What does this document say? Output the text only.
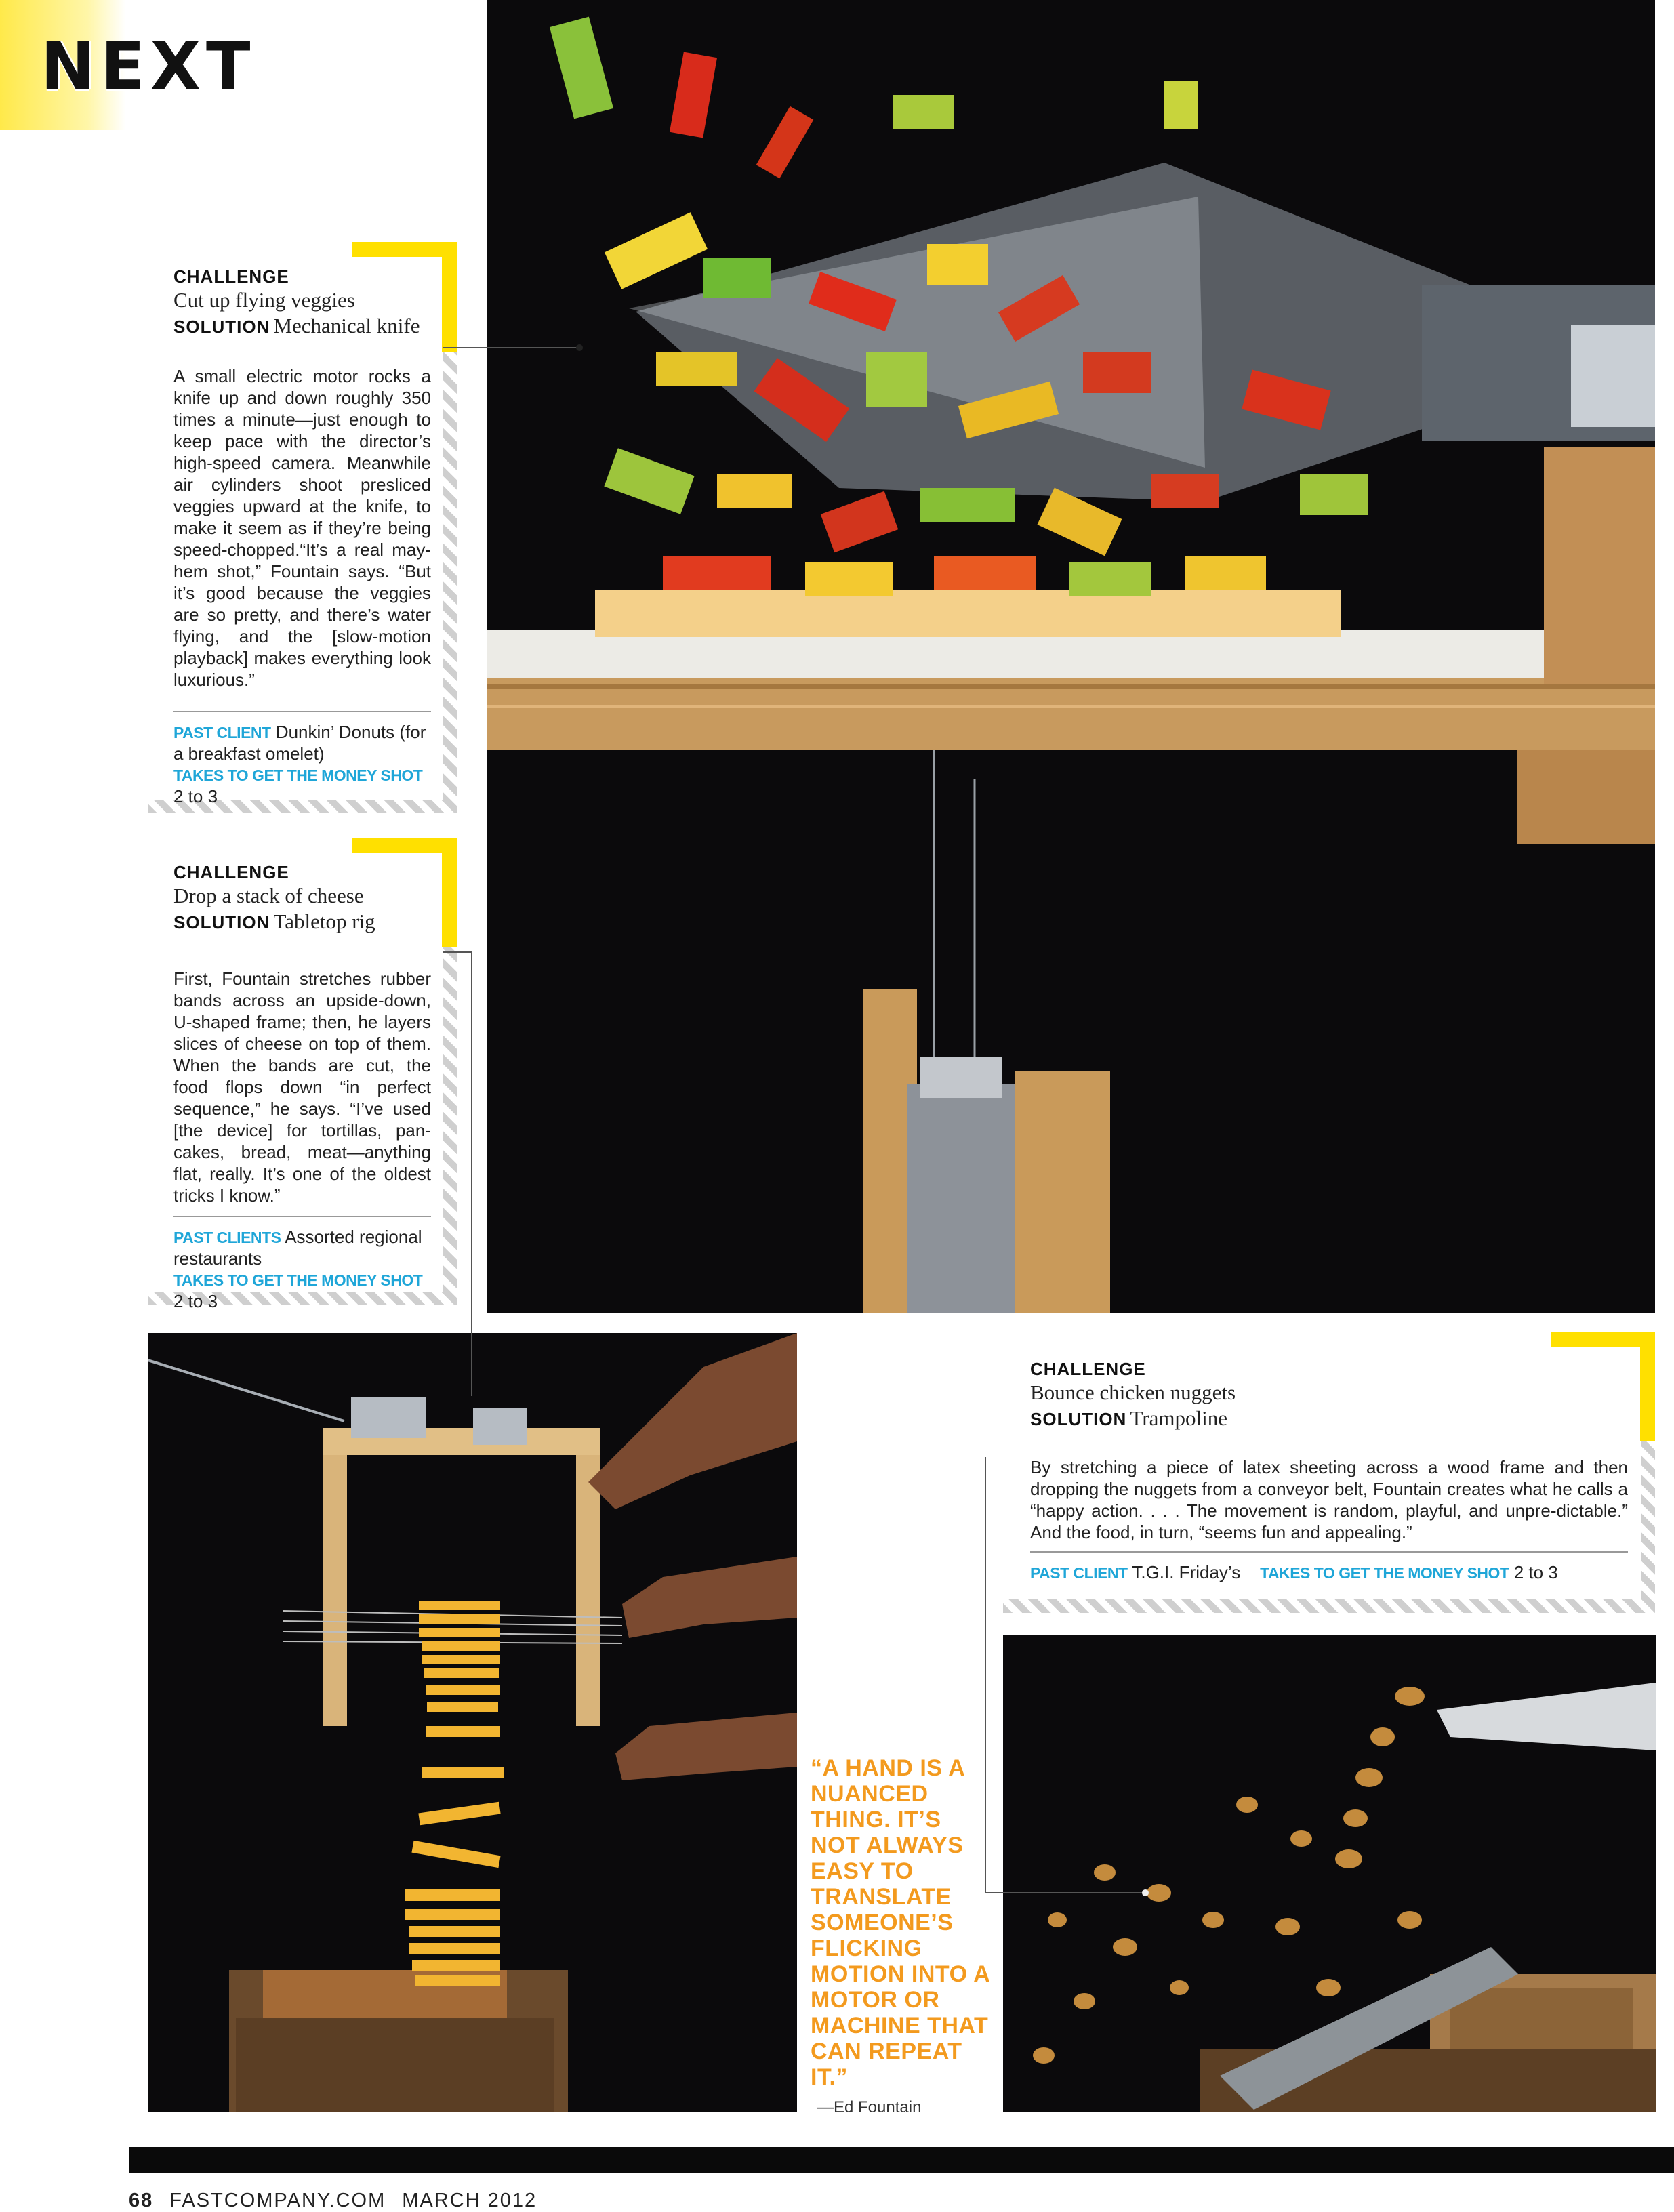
NEXT
CHALLENGE
Cut up flying veggies
SOLUTION Mechanical knife
A small electric motor rocks a knife up and down roughly 350 times a minute—just enough to keep pace with the director’s high-speed camera. Meanwhile air cylinders shoot presliced veggies upward at the knife, to make it seem as if they’re being speed-chopped.“It’s a real may-hem shot,” Fountain says. “But it’s good because the veggies are so pretty, and there’s water flying, and the [slow-motion playback] makes everything look luxurious.”
PAST CLIENT Dunkin’ Donuts (for a breakfast omelet)
TAKES TO GET THE MONEY SHOT 2 to 3
CHALLENGE
Drop a stack of cheese
SOLUTION Tabletop rig
First, Fountain stretches rubber bands across an upside-down, U-shaped frame; then, he layers slices of cheese on top of them. When the bands are cut, the food flops down “in perfect sequence,” he says. “I’ve used [the device] for tortillas, pan-cakes, bread, meat—anything flat, really. It’s one of the oldest tricks I know.”
PAST CLIENTS Assorted regional restaurants
TAKES TO GET THE MONEY SHOT 2 to 3
CHALLENGE
Bounce chicken nuggets
SOLUTION Trampoline
By stretching a piece of latex sheeting across a wood frame and then dropping the nuggets from a conveyor belt, Fountain creates what he calls a “happy action. . . . The movement is random, playful, and unpre-dictable.” And the food, in turn, “seems fun and appealing.”
PAST CLIENT T.G.I. Friday’s TAKES TO GET THE MONEY SHOT 2 to 3
“A HAND IS A NUANCED THING. IT’S NOT ALWAYS EASY TO TRANSLATE SOMEONE’S FLICKING MOTION INTO A MOTOR OR MACHINE THAT CAN REPEAT IT.”
—Ed Fountain
68 FASTCOMPANY.COM MARCH 2012
